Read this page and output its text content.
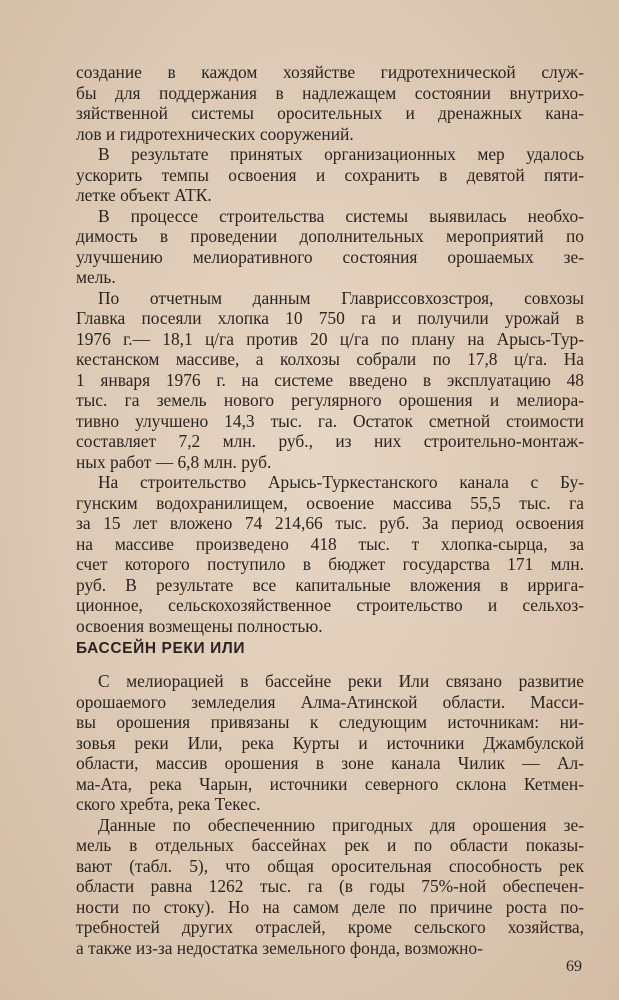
создание в каждом хозяйстве гидротехнической служ-
бы для поддержания в надлежащем состоянии внутрихо-
зяйственной системы оросительных и дренажных кана-
лов и гидротехнических сооружений.

В результате принятых организационных мер удалось
ускорить темпы освоения и сохранить в девятой пяти-
летке объект АТК.

В процессе строительства системы выявилась необхо-
димость в проведении дополнительных мероприятий по
улучшению мелиоративного состояния орошаемых зе-
мель.

По отчетным данным Главриссовхозстроя, совхозы
Главка посеяли хлопка 10 750 га и получили урожай в
1976 г.— 18,1 ц/га против 20 ц/га по плану на Арысь-Тур-
кестанском массиве, а колхозы собрали по 17,8 ц/га. На
1 января 1976 г. на системе введено в эксплуатацию 48
тыс. га земель нового регулярного орошения и мелиора-
тивно улучшено 14,3 тыс. га. Остаток сметной стоимости
составляет 7,2 млн. руб., из них строительно-монтаж-
ных работ — 6,8 млн. руб.

На строительство Арысь-Туркестанского канала с Бу-
гунским водохранилищем, освоение массива 55,5 тыс. га
за 15 лет вложено 74 214,66 тыс. руб. За период освоения
на массиве произведено 418 тыс. т хлопка-сырца, за
счет которого поступило в бюджет государства 171 млн.
руб. В результате все капитальные вложения в ирригa-
ционное, сельскохозяйственное строительство и сельхоз-
освоения возмещены полностью.

БАССЕЙН РЕКИ ИЛИ

С мелиорацией в бассейне реки Или связано развитие
орошаемого земледелия Алма-Атинской области. Масси-
вы орошения привязаны к следующим источникам: ни-
зовья реки Или, река Курты и источники Джамбулской
области, массив орошения в зоне канала Чилик — Ал-
ма-Ата, река Чарын, источники северного склона Кетмен-
ского хребта, река Текес.

Данные по обеспеченнию пригодных для орошения зе-
мель в отдельных бассейнах рек и по области показы-
вают (табл. 5), что общая оросительная способность рек
области равна 1262 тыс. га (в годы 75%-ной обеспечен-
ности по стоку). Но на самом деле по причине роста по-
требностей других отраслей, кроме сельского хозяйства,
а также из-за недостатка земельного фонда, возможно-

69
